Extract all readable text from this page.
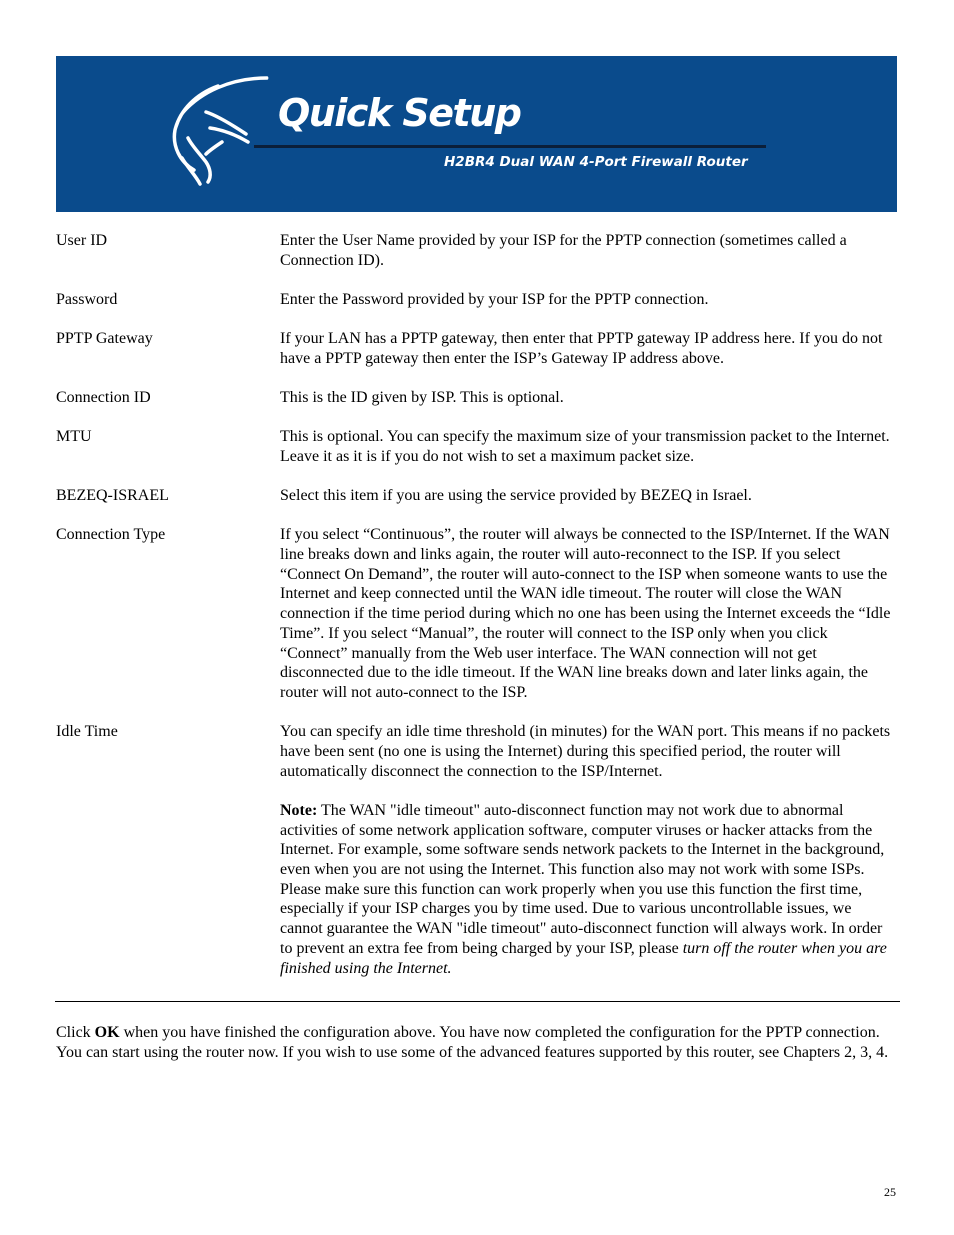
Quick Setup
H2BR4 Dual WAN 4-Port Firewall Router
User ID	Enter the User Name provided by your ISP for the PPTP connection (sometimes called a Connection ID).
Password	Enter the Password provided by your ISP for the PPTP connection.
PPTP Gateway	If your LAN has a PPTP gateway, then enter that PPTP gateway IP address here. If you do not have a PPTP gateway then enter the ISP’s Gateway IP address above.
Connection ID	This is the ID given by ISP. This is optional.
MTU	This is optional. You can specify the maximum size of your transmission packet to the Internet. Leave it as it is if you do not wish to set a maximum packet size.
BEZEQ-ISRAEL	Select this item if you are using the service provided by BEZEQ in Israel.
Connection Type	If you select “Continuous”, the router will always be connected to the ISP/Internet. If the WAN line breaks down and links again, the router will auto-reconnect to the ISP. If you select “Connect On Demand”, the router will auto-connect to the ISP when someone wants to use the Internet and keep connected until the WAN idle timeout. The router will close the WAN connection if the time period during which no one has been using the Internet exceeds the “Idle Time”. If you select “Manual”, the router will connect to the ISP only when you click “Connect” manually from the Web user interface. The WAN connection will not get disconnected due to the idle timeout. If the WAN line breaks down and later links again, the router will not auto-connect to the ISP.
Idle Time	You can specify an idle time threshold (in minutes) for the WAN port. This means if no packets have been sent (no one is using the Internet) during this specified period, the router will automatically disconnect the connection to the ISP/Internet.

Note: The WAN "idle timeout" auto-disconnect function may not work due to abnormal activities of some network application software, computer viruses or hacker attacks from the Internet. For example, some software sends network packets to the Internet in the background, even when you are not using the Internet. This function also may not work with some ISPs. Please make sure this function can work properly when you use this function the first time, especially if your ISP charges you by time used. Due to various uncontrollable issues, we cannot guarantee the WAN "idle timeout" auto-disconnect function will always work. In order to prevent an extra fee from being charged by your ISP, please turn off the router when you are finished using the Internet.

Click OK when you have finished the configuration above. You have now completed the configuration for the PPTP connection. You can start using the router now. If you wish to use some of the advanced features supported by this router, see Chapters 2, 3, 4.
25
